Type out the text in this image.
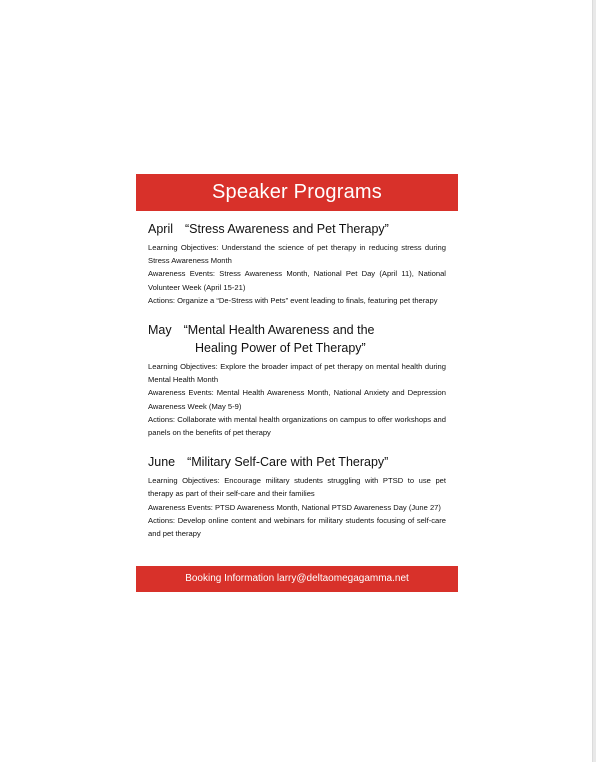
Speaker Programs
April “Stress Awareness and Pet Therapy”

Learning Objectives: Understand the science of pet therapy in reducing stress during Stress Awareness Month

Awareness Events: Stress Awareness Month, National Pet Day (April 11), National Volunteer Week (April 15-21)

Actions: Organize a “De-Stress with Pets” event leading to finals, featuring pet therapy

May “Mental Health Awareness and the
Healing Power of Pet Therapy”

Learning Objectives: Explore the broader impact of pet therapy on mental health during Mental Health Month

Awareness Events: Mental Health Awareness Month, National Anxiety and Depression Awareness Week (May 5-9)

Actions: Collaborate with mental health organizations on campus to offer workshops and panels on the benefits of pet therapy

June “Military Self-Care with Pet Therapy”

Learning Objectives: Encourage military students struggling with PTSD to use pet therapy as part of their self-care and their families

Awareness Events: PTSD Awareness Month, National PTSD Awareness Day (June 27)

Actions: Develop online content and webinars for military students focusing of self-care and pet therapy

Booking Information larry@deltaomegagamma.net
